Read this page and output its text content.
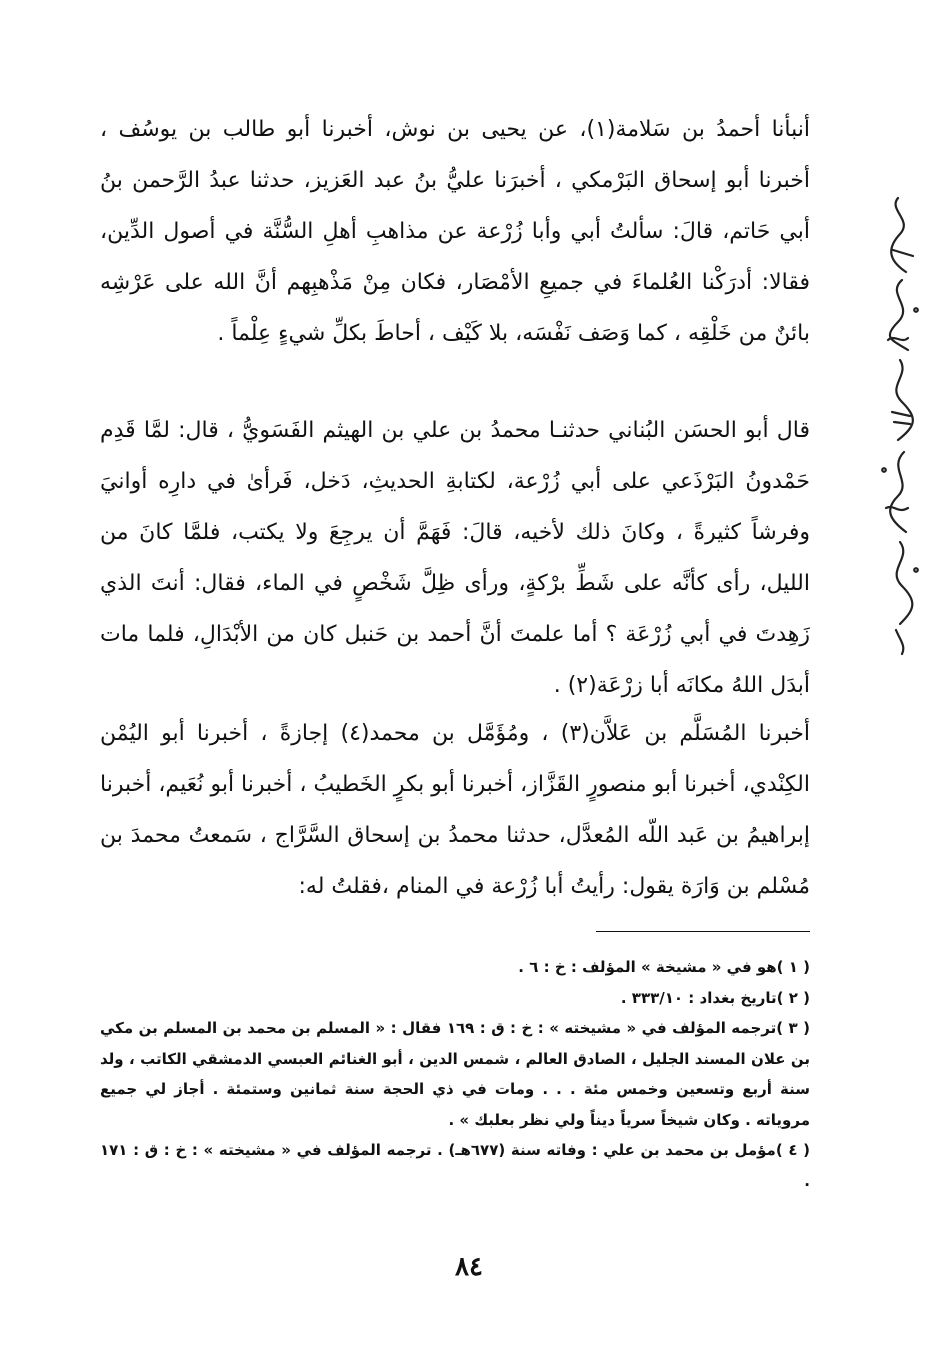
أنبأنا أحمدُ بن سَلامة(١)، عن يحيى بن نوش، أخبرنا أبو طالب بن يوسُف ، أخبرنا أبو إسحاق البَرْمكي ، أخبرَنا عليُّ بنُ عبد العَزيز، حدثنا عبدُ الرَّحمن بنُ أبي حَاتم، قالَ: سألتُ أبي وأبا زُرْعة عن مذاهبِ أهلِ السُّنَّة في أصول الدِّين، فقالا: أدرَكْنا العُلماءَ في جميعِ الأمْصَار، فكان مِنْ مَذْهبِهم أنَّ الله على عَرْشِه بائنٌ من خَلْقِه ، كما وَصَف نَفْسَه، بلا كَيْف ، أحاطَ بكلِّ شيءٍ عِلْماً .

قال أبو الحسَن البُناني حدثنـا محمدُ بن علي بن الهيثم الفَسَويُّ ، قال: لمَّا قَدِم حَمْدونُ البَرْذَعي على أبي زُرْعة، لكتابةِ الحديثِ، دَخل، فَرأىٰ في دارِه أوانيَ وفرشاً كثيرةً ، وكانَ ذلك لأخيه، قالَ: فَهَمَّ أن يرجِعَ ولا يكتب، فلمَّا كانَ من الليل، رأى كأنَّه على شَطِّ برْكةٍ، ورأى ظِلَّ شَخْصٍ في الماء، فقال: أنتَ الذي زَهِدتَ في أبي زُرْعَة ؟ أما علمتَ أنَّ أحمد بن حَنبل كان من الأبْدَالِ، فلما مات أبدَل اللهُ مكانَه أبا زرْعَة(٢) .

أخبرنا المُسَلَّم بن عَلاَّن(٣) ، ومُؤَمَّل بن محمد(٤) إجازةً ، أخبرنا أبو اليُمْن الكِنْدي، أخبرنا أبو منصورٍ القَزَّاز، أخبرنا أبو بكرٍ الخَطيبُ ، أخبرنا أبو نُعَيم، أخبرنا إبراهيمُ بن عَبد اللّه المُعدَّل، حدثنا محمدُ بن إسحاق السَّرَّاج ، سَمعتُ محمدَ بن مُسْلم بن وَارَة يقول: رأيتُ أبا زُرْعة في المنام ،فقلتُ له:

( ١ )هو في « مشيخة » المؤلف : خ : ٦ .

( ٢ )تاريخ بغداد : ٣٣٣/١٠ .

( ٣ )ترجمه المؤلف في « مشيخته » : خ : ق : ١٦٩ فقال : « المسلم بن محمد بن المسلم بن مكي بن علان المسند الجليل ، الصادق العالم ، شمس الدين ، أبو الغنائم العبسي الدمشقي الكاتب ، ولد سنة أربع وتسعين وخمس مئة . . . ومات في ذي الحجة سنة ثمانين وستمئة . أجاز لي جميع مروياته . وكان شيخاً سرياً ديناً ولي نظر بعلبك » .

( ٤ )مؤمل بن محمد بن علي : وفاته سنة (٦٧٧هـ) . ترجمه المؤلف في « مشيخته » : خ : ق : ١٧١ .

٨٤
